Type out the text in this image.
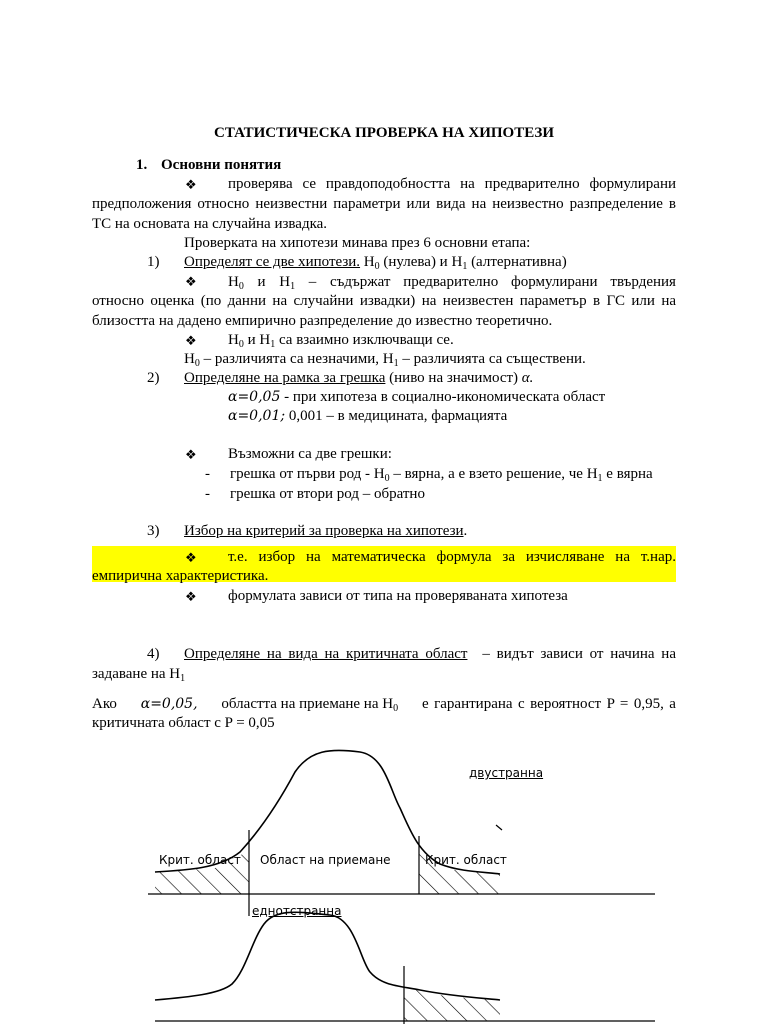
СТАТИСТИЧЕСКА ПРОВЕРКА НА ХИПОТЕЗИ
1. Основни понятия
❖ проверява се правдоподобността на предварително формулирани
предположения относно неизвестни параметри или вида на неизвестно разпределение в ТС на основата на случайна извадка.
Проверката на хипотези минава през 6 основни етапа:
1) Определят се две хипотези. $H_0$ (нулева) и $H_1$ (алтернативна)
❖ $H_0$ и $H_1$ – съдържат предварително формулирани твърдения
относно оценка (по данни на случайни извадки) на неизвестен параметър в ГС или на близостта на дадено емпирично разпределение до известно теоретично.
❖ $H_0$ и $H_1$ са взаимно изключващи се.
$H_0$ – различията са незначими, $H_1$ – различията са съществени.
2) Определяне на рамка за грешка (ниво на значимост) α.
α=0,05 - при хипотеза в социално-икономическата област
α=0,01; 0,001 – в медицината, фармацията
❖ Възможни са две грешки:
- грешка от първи род - $H_0$ – вярна, а е взето решение, че $H_1$ е вярна
- грешка от втори род – обратно
3) Избор на критерий за проверка на хипотези.
❖ т.е. избор на математическа формула за изчисляване на т.нар.
емпирична характеристика.
❖ формулата зависи от типа на проверяваната хипотеза
4) Определяне на вида на критичната област – видът зависи от начина на
задаване на $H_1$
Ако α=0,05, областта на приемане на $H_0$ е гарантирана с вероятност P = 0,95, а
критичната област с P = 0,05
двустранна
Крит. област Област на приемане	Крит. област
еднотстранна
